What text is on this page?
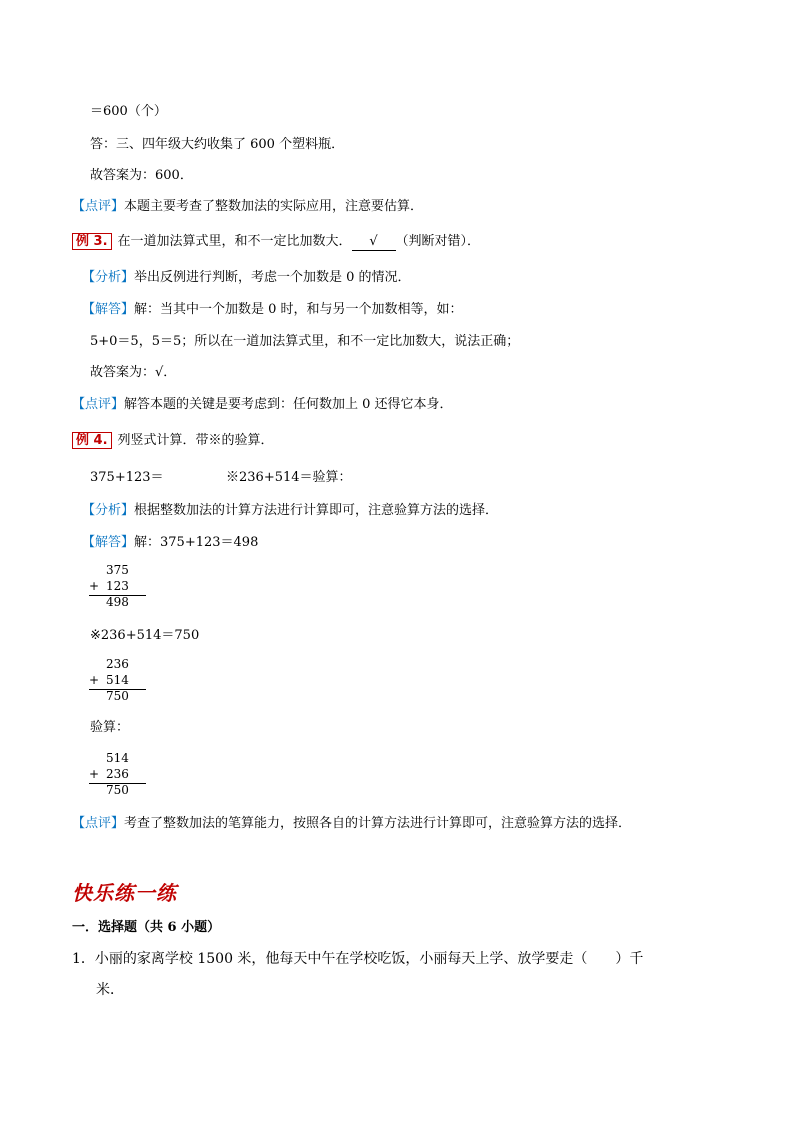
＝600（个）
答：三、四年级大约收集了 600 个塑料瓶．
故答案为：600．
【点评】本题主要考查了整数加法的实际应用，注意要估算．
例 3. 在一道加法算式里，和不一定比加数大． √ （判断对错）．
【分析】举出反例进行判断，考虑一个加数是 0 的情况．
【解答】解：当其中一个加数是 0 时，和与另一个加数相等，如：
5+0＝5，5＝5；所以在一道加法算式里，和不一定比加数大，说法正确；
故答案为：√．
【点评】解答本题的关键是要考虑到：任何数加上 0 还得它本身．
例 4. 列竖式计算．带※的验算．
375+123＝	※236+514＝验算：
【分析】根据整数加法的计算方法进行计算即可，注意验算方法的选择．
【解答】解：375+123＝498
375
+ 123
498
※236+514＝750
236
+ 514
750
验算：
514
+ 236
750
【点评】考查了整数加法的笔算能力，按照各自的计算方法进行计算即可，注意验算方法的选择．
快乐练一练
一．选择题（共 6 小题）
1．小丽的家离学校 1500 米，他每天中午在学校吃饭，小丽每天上学、放学要走（　　）千
米．
